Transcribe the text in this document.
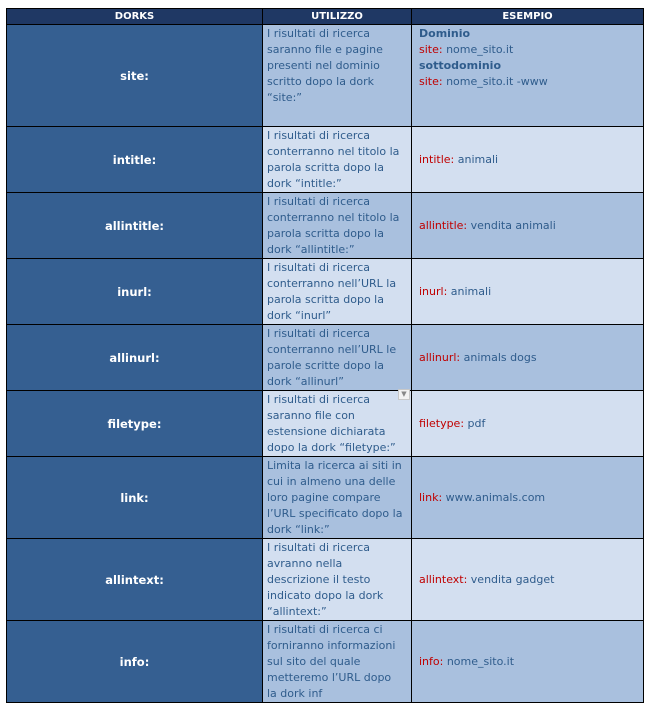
DORKS	UTILIZZO	ESEMPIO
site:	I risultati di ricerca
saranno file e pagine
presenti nel dominio
scritto dopo la dork
“site:”	Dominio
site: nome_sito.it
sottodominio
site: nome_sito.it -www

intitle:	I risultati di ricerca
conterranno nel titolo la
parola scritta dopo la
dork “intitle:”	intitle: animali

allintitle:	I risultati di ricerca
conterranno nel titolo la
parola scritta dopo la
dork “allintitle:”	allintitle: vendita animali

inurl:	I risultati di ricerca
conterranno nell’URL la
parola scritta dopo la
dork “inurl”	inurl: animali

allinurl:	I risultati di ricerca
conterranno nell’URL le
parole scritte dopo la
dork “allinurl”	allinurl: animals dogs

filetype:	I risultati di ricerca
saranno file con
estensione dichiarata
dopo la dork “filetype:”	filetype: pdf

link:	Limita la ricerca ai siti in
cui in almeno una delle
loro pagine compare
l’URL specificato dopo la
dork “link:”	link: www.animals.com

allintext:	I risultati di ricerca
avranno nella
descrizione il testo
indicato dopo la dork
“allintext:”	allintext: vendita gadget

info:	I risultati di ricerca ci
forniranno informazioni
sul sito del quale
metteremo l’URL dopo
la dork inf	info: nome_sito.it
▼
